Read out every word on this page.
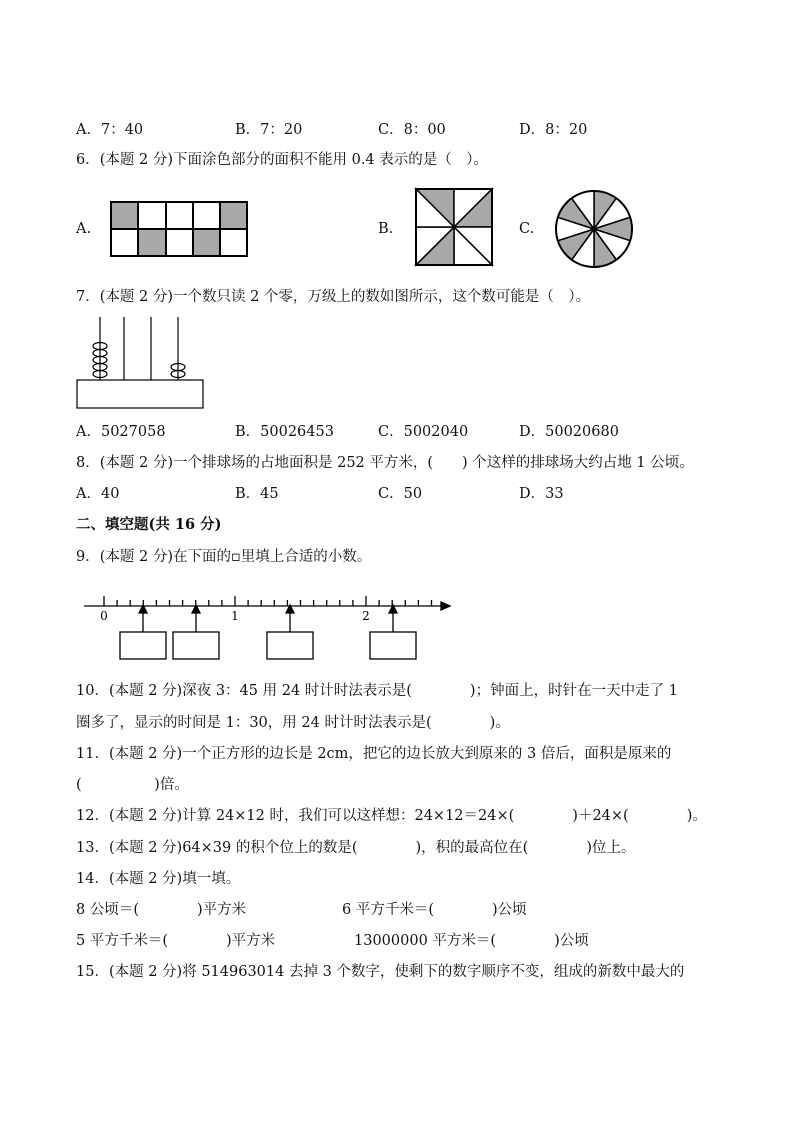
A．7：40	B．7：20	C．8：00	D．8：20
6．(本题 2 分)下面涂色部分的面积不能用 0.4 表示的是（　）。
A.	B.	C.
7．(本题 2 分)一个数只读 2 个零，万级上的数如图所示，这个数可能是（　）。
A．5027058	B．50026453	C．5002040	D．50020680
8．(本题 2 分)一个排球场的占地面积是 252 平方米，(　　) 个这样的排球场大约占地 1 公顷。
A．40	B．45	C．50	D．33
二、填空题(共 16 分)
9．(本题 2 分)在下面的▫里填上合适的小数。
0	1	2
10．(本题 2 分)深夜 3：45 用 24 时计时法表示是(　　　　)；钟面上，时针在一天中走了 1
圈多了，显示的时间是 1：30，用 24 时计时法表示是(　　　　)。
11．(本题 2 分)一个正方形的边长是 2cm，把它的边长放大到原来的 3 倍后，面积是原来的
(　　　　　)倍。
12．(本题 2 分)计算 24×12 时，我们可以这样想：24×12＝24×(　　　　)＋24×(　　　　)。
13．(本题 2 分)64×39 的积个位上的数是(　　　　)，积的最高位在(　　　　)位上。
14．(本题 2 分)填一填。
8 公顷＝(　　　　)平方米	6 平方千米＝(　　　　)公顷
5 平方千米＝(　　　　)平方米	13000000 平方米＝(　　　　)公顷
15．(本题 2 分)将 514963014 去掉 3 个数字，使剩下的数字顺序不变，组成的新数中最大的
